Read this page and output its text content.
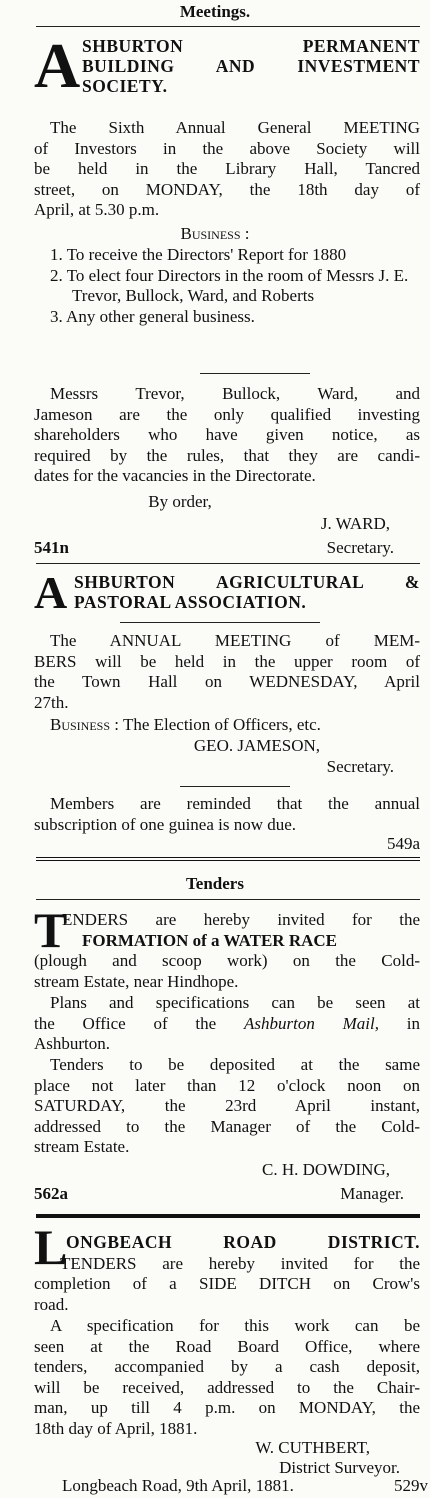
Meetings.
A SHBURTON PERMANENT
BUILDING AND INVESTMENT
SOCIETY.
The Sixth Annual General MEETING
of Investors in the above Society will
be held in the Library Hall, Tancred
street, on MONDAY, the 18th day of
April, at 5.30 p.m.
Business :
1. To receive the Directors' Report for 1880
2. To elect four Directors in the room of Messrs J. E. Trevor, Bullock, Ward, and Roberts
3. Any other general business.
Messrs Trevor, Bullock, Ward, and
Jameson are the only qualified investing
shareholders who have given notice, as
required by the rules, that they are candi-
dates for the vacancies in the Directorate.
By order,
J. WARD,
541n	Secretary.
A SHBURTON AGRICULTURAL &
PASTORAL ASSOCIATION.
The ANNUAL MEETING of MEM-
BERS will be held in the upper room of
the Town Hall on WEDNESDAY, April
27th.
Business : The Election of Officers, etc.
GEO. JAMESON,
Secretary.
Members are reminded that the annual
subscription of one guinea is now due.
549a
Tenders
T
ENDERS are hereby invited for the
FORMATION of a WATER RACE
(plough and scoop work) on the Cold-
stream Estate, near Hindhope.
Plans and specifications can be seen at
the Office of the Ashburton Mail, in
Ashburton.
Tenders to be deposited at the same
place not later than 12 o'clock noon on
SATURDAY, the 23rd April instant,
addressed to the Manager of the Cold-
stream Estate.
C. H. DOWDING,
562a	Manager.
L
ONGBEACH ROAD DISTRICT.
TENDERS are hereby invited for the
completion of a SIDE DITCH on Crow's
road.
A specification for this work can be
seen at the Road Board Office, where
tenders, accompanied by a cash deposit,
will be received, addressed to the Chair-
man, up till 4 p.m. on MONDAY, the
18th day of April, 1881.
W. CUTHBERT,
District Surveyor.
Longbeach Road, 9th April, 1881.	529v
